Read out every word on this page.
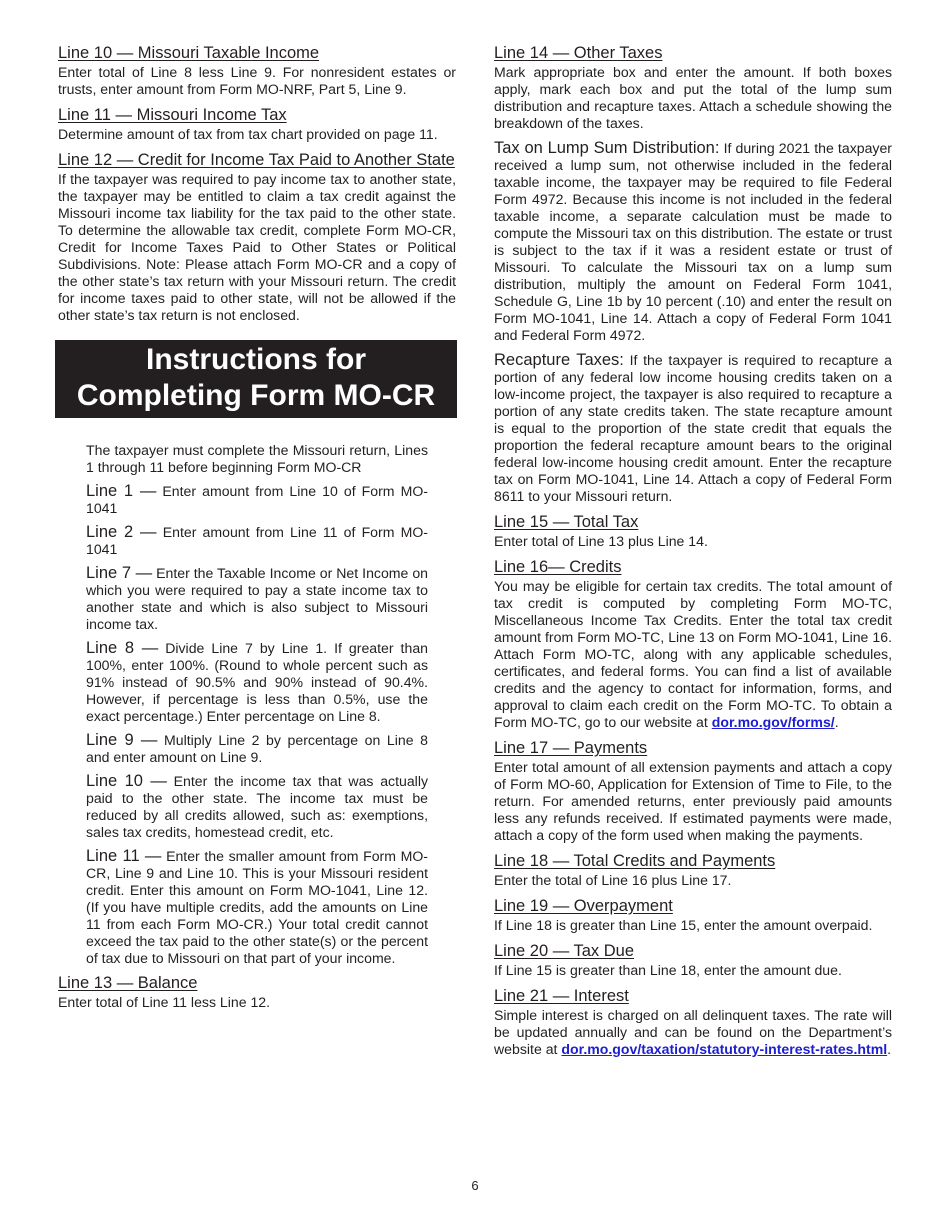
Line 10 — Missouri Taxable Income

Enter total of Line 8 less Line 9. For nonresident estates or trusts, enter amount from Form MO-NRF, Part 5, Line 9.

Line 11 — Missouri Income Tax

Determine amount of tax from tax chart provided on page 11.

Line 12 — Credit for Income Tax Paid to Another State

If the taxpayer was required to pay income tax to another state, the taxpayer may be entitled to claim a tax credit against the Missouri income tax liability for the tax paid to the other state. To determine the allowable tax credit, complete Form MO-CR, Credit for Income Taxes Paid to Other States or Political Subdivisions. Note: Please attach Form MO-CR and a copy of the other state’s tax return with your Missouri return. The credit for income taxes paid to other state, will not be allowed if the other state’s tax return is not enclosed.

Instructions for
Completing Form MO-CR

The taxpayer must complete the Missouri return, Lines 1 through 11 before beginning Form MO-CR

Line 1 — Enter amount from Line 10 of Form MO-1041

Line 2 — Enter amount from Line 11 of Form MO-1041

Line 7 — Enter the Taxable Income or Net Income on which you were required to pay a state income tax to another state and which is also subject to Missouri income tax.

Line 8 — Divide Line 7 by Line 1. If greater than 100%, enter 100%. (Round to whole percent such as 91% instead of 90.5% and 90% instead of 90.4%. However, if percentage is less than 0.5%, use the exact percentage.) Enter percentage on Line 8.

Line 9 — Multiply Line 2 by percentage on Line 8 and enter amount on Line 9.

Line 10 — Enter the income tax that was actually paid to the other state. The income tax must be reduced by all credits allowed, such as: exemptions, sales tax credits, homestead credit, etc.

Line 11 — Enter the smaller amount from Form MO-CR, Line 9 and Line 10. This is your Missouri resident credit. Enter this amount on Form MO-1041, Line 12. (If you have multiple credits, add the amounts on Line 11 from each Form MO-CR.) Your total credit cannot exceed the tax paid to the other state(s) or the percent of tax due to Missouri on that part of your income.

Line 13 — Balance

Enter total of Line 11 less Line 12.

Line 14 — Other Taxes

Mark appropriate box and enter the amount. If both boxes apply, mark each box and put the total of the lump sum distribution and recapture taxes. Attach a schedule showing the breakdown of the taxes.

Tax on Lump Sum Distribution: If during 2021 the taxpayer received a lump sum, not otherwise included in the federal taxable income, the taxpayer may be required to file Federal Form 4972. Because this income is not included in the federal taxable income, a separate calculation must be made to compute the Missouri tax on this distribution. The estate or trust is subject to the tax if it was a resident estate or trust of Missouri. To calculate the Missouri tax on a lump sum distribution, multiply the amount on Federal Form 1041, Schedule G, Line 1b by 10 percent (.10) and enter the result on Form MO-1041, Line 14. Attach a copy of Federal Form 1041 and Federal Form 4972.

Recapture Taxes: If the taxpayer is required to recapture a portion of any federal low income housing credits taken on a low-income project, the taxpayer is also required to recapture a portion of any state credits taken. The state recapture amount is equal to the proportion of the state credit that equals the proportion the federal recapture amount bears to the original federal low-income housing credit amount. Enter the recapture tax on Form MO-1041, Line 14. Attach a copy of Federal Form 8611 to your Missouri return.

Line 15 — Total Tax

Enter total of Line 13 plus Line 14.

Line 16— Credits

You may be eligible for certain tax credits. The total amount of tax credit is computed by completing Form MO-TC, Miscellaneous Income Tax Credits. Enter the total tax credit amount from Form MO-TC, Line 13 on Form MO-1041, Line 16. Attach Form MO-TC, along with any applicable schedules, certificates, and federal forms. You can find a list of available credits and the agency to contact for information, forms, and approval to claim each credit on the Form MO-TC. To obtain a Form MO-TC, go to our website at dor.mo.gov/forms/.

Line 17 — Payments

Enter total amount of all extension payments and attach a copy of Form MO-60, Application for Extension of Time to File, to the return. For amended returns, enter previously paid amounts less any refunds received. If estimated payments were made, attach a copy of the form used when making the payments.

Line 18 — Total Credits and Payments

Enter the total of Line 16 plus Line 17.

Line 19 — Overpayment

If Line 18 is greater than Line 15, enter the amount overpaid.

Line 20 — Tax Due

If Line 15 is greater than Line 18, enter the amount due.

Line 21 — Interest

Simple interest is charged on all delinquent taxes. The rate will be updated annually and can be found on the Department’s website at dor.mo.gov/taxation/statutory-interest-rates.html.

6
